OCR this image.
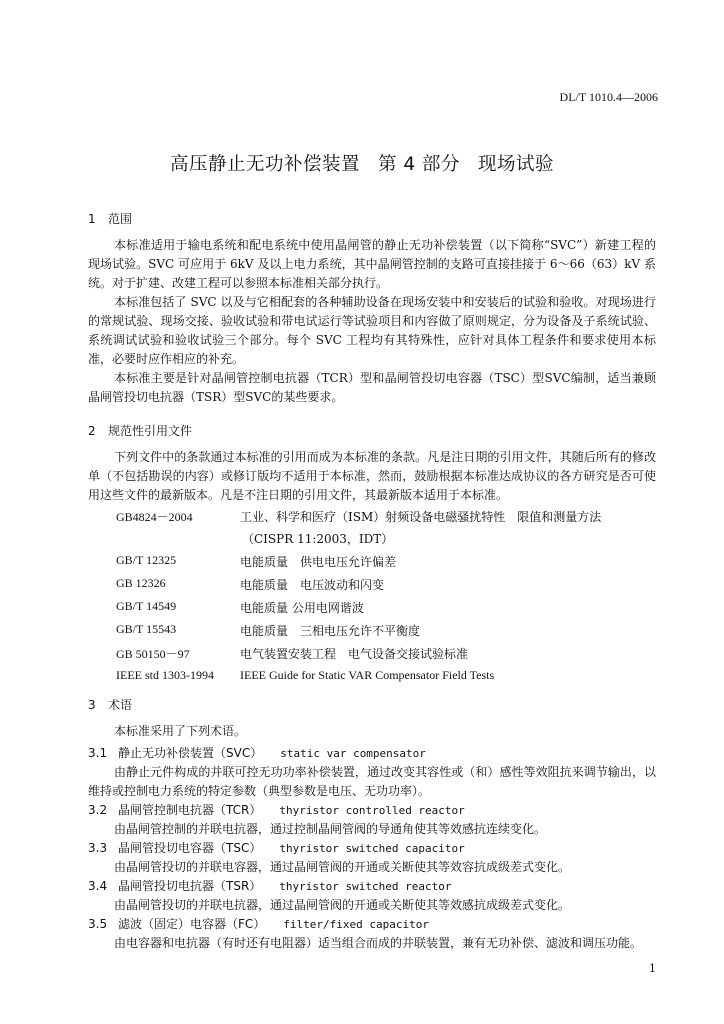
DL/T 1010.4—2006
高压静止无功补偿装置 第 4 部分 现场试验
1 范围

本标准适用于输电系统和配电系统中使用晶闸管的静止无功补偿装置（以下简称“SVC”）新建工程的现场试验。SVC 可应用于 6kV 及以上电力系统，其中晶闸管控制的支路可直接挂接于 6～66（63）kV 系统。对于扩建、改建工程可以参照本标准相关部分执行。

本标准包括了 SVC 以及与它相配套的各种辅助设备在现场安装中和安装后的试验和验收。对现场进行的常规试验、现场交接、验收试验和带电试运行等试验项目和内容做了原则规定，分为设备及子系统试验、系统调试试验和验收试验三个部分。每个 SVC 工程均有其特殊性，应针对具体工程条件和要求使用本标准，必要时应作相应的补充。

本标准主要是针对晶闸管控制电抗器（TCR）型和晶闸管投切电容器（TSC）型SVC编制，适当兼顾晶闸管投切电抗器（TSR）型SVC的某些要求。

2 规范性引用文件

下列文件中的条款通过本标准的引用而成为本标准的条款。凡是注日期的引用文件，其随后所有的修改单（不包括勘误的内容）或修订版均不适用于本标准，然而，鼓励根据本标准达成协议的各方研究是否可使用这些文件的最新版本。凡是不注日期的引用文件，其最新版本适用于本标准。

GB4824－2004	工业、科学和医疗（ISM）射频设备电磁骚扰特性　限值和测量方法
（CISPR 11:2003，IDT）
GB/T 12325	电能质量　供电电压允许偏差
GB 12326	电能质量　电压波动和闪变
GB/T 14549	电能质量 公用电网谐波
GB/T 15543	电能质量　三相电压允许不平衡度
GB 50150－97	电气装置安装工程　电气设备交接试验标准
IEEE std 1303-1994 IEEE Guide for Static VAR Compensator Field Tests
3 术语

本标准采用了下列术语。

3.1 静止无功补偿装置（SVC） static var compensator
由静止元件构成的并联可控无功功率补偿装置，通过改变其容性或（和）感性等效阻抗来调节输出，以维持或控制电力系统的特定参数（典型参数是电压、无功功率）。
3.2 晶闸管控制电抗器（TCR） thyristor controlled reactor
由晶闸管控制的并联电抗器，通过控制晶闸管阀的导通角使其等效感抗连续变化。
3.3 晶闸管投切电容器（TSC） thyristor switched capacitor
由晶闸管投切的并联电容器，通过晶闸管阀的开通或关断使其等效容抗成级差式变化。
3.4 晶闸管投切电抗器（TSR） thyristor switched reactor
由晶闸管投切的并联电抗器，通过晶闸管阀的开通或关断使其等效感抗成级差式变化。
3.5 滤波（固定）电容器（FC） filter/fixed capacitor
由电容器和电抗器（有时还有电阻器）适当组合而成的并联装置，兼有无功补偿、滤波和调压功能。
1
